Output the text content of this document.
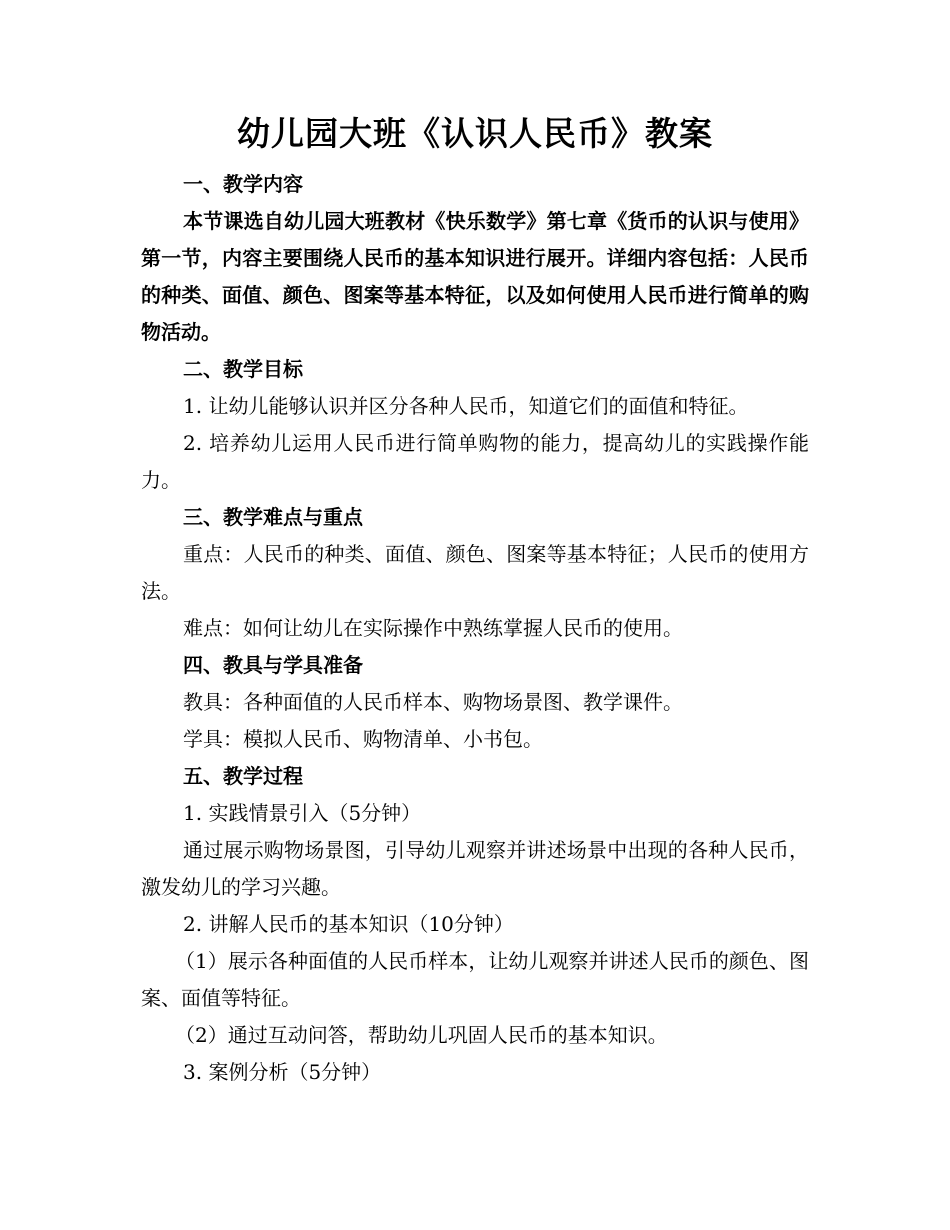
幼儿园大班《认识人民币》教案

一、教学内容

本节课选自幼儿园大班教材《快乐数学》第七章《货币的认识与使用》第一节，内容主要围绕人民币的基本知识进行展开。详细内容包括：人民币的种类、面值、颜色、图案等基本特征，以及如何使用人民币进行简单的购物活动。

二、教学目标

1. 让幼儿能够认识并区分各种人民币，知道它们的面值和特征。

2. 培养幼儿运用人民币进行简单购物的能力，提高幼儿的实践操作能力。

三、教学难点与重点

重点：人民币的种类、面值、颜色、图案等基本特征；人民币的使用方法。

难点：如何让幼儿在实际操作中熟练掌握人民币的使用。

四、教具与学具准备

教具：各种面值的人民币样本、购物场景图、教学课件。

学具：模拟人民币、购物清单、小书包。

五、教学过程

1. 实践情景引入（5分钟）

通过展示购物场景图，引导幼儿观察并讲述场景中出现的各种人民币，激发幼儿的学习兴趣。

2. 讲解人民币的基本知识（10分钟）

（1）展示各种面值的人民币样本，让幼儿观察并讲述人民币的颜色、图案、面值等特征。

（2）通过互动问答，帮助幼儿巩固人民币的基本知识。

3. 案例分析（5分钟）
